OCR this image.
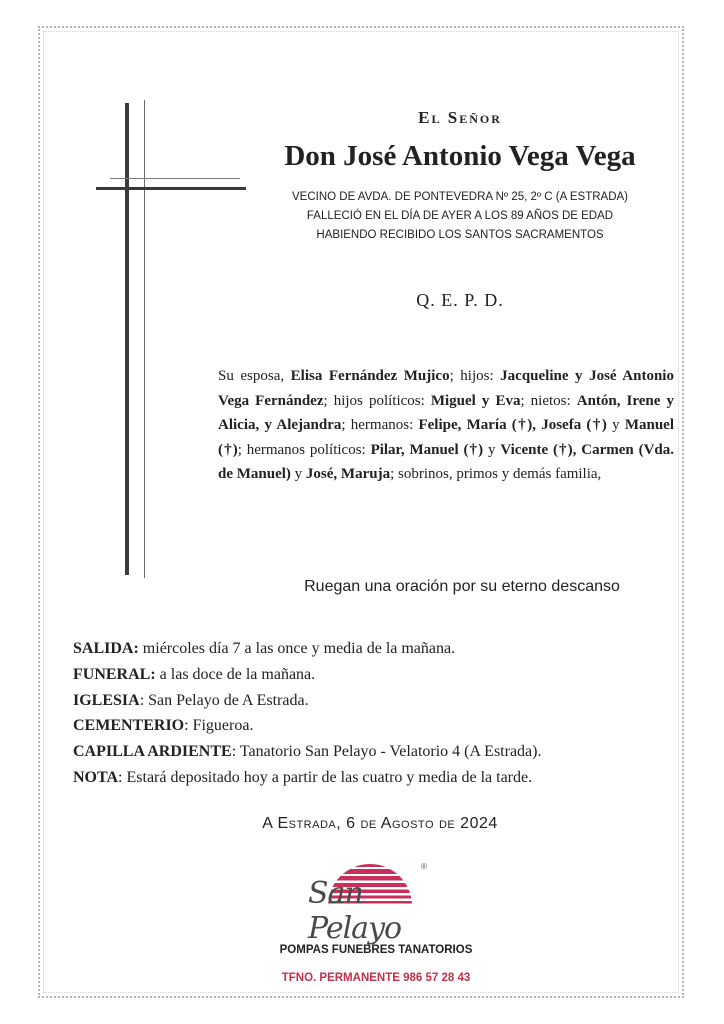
El Señor
Don José Antonio Vega Vega
VECINO DE AVDA. DE PONTEVEDRA Nº 25, 2º C (A ESTRADA)
FALLECIÓ EN EL DÍA DE AYER A LOS 89 AÑOS DE EDAD
HABIENDO RECIBIDO LOS SANTOS SACRAMENTOS
Q. E. P. D.
Su esposa, Elisa Fernández Mujico; hijos: Jacqueline y José Antonio Vega Fernández; hijos políticos: Miguel y Eva; nietos: Antón, Irene y Alicia, y Alejandra; hermanos: Felipe, María (†), Josefa (†) y Manuel (†); hermanos políticos: Pilar, Manuel (†) y Vicente (†), Carmen (Vda. de Manuel) y José, Maruja; sobrinos, primos y demás familia,
Ruegan una oración por su eterno descanso
SALIDA: miércoles día 7 a las once y media de la mañana.
FUNERAL: a las doce de la mañana.
IGLESIA: San Pelayo de A Estrada.
CEMENTERIO: Figueroa.
CAPILLA ARDIENTE: Tanatorio San Pelayo - Velatorio 4 (A Estrada).
NOTA: Estará depositado hoy a partir de las cuatro y media de la tarde.
A Estrada, 6 de Agosto de 2024
®
San Pelayo
POMPAS FUNEBRES TANATORIOS
TFNO. PERMANENTE 986 57 28 43
